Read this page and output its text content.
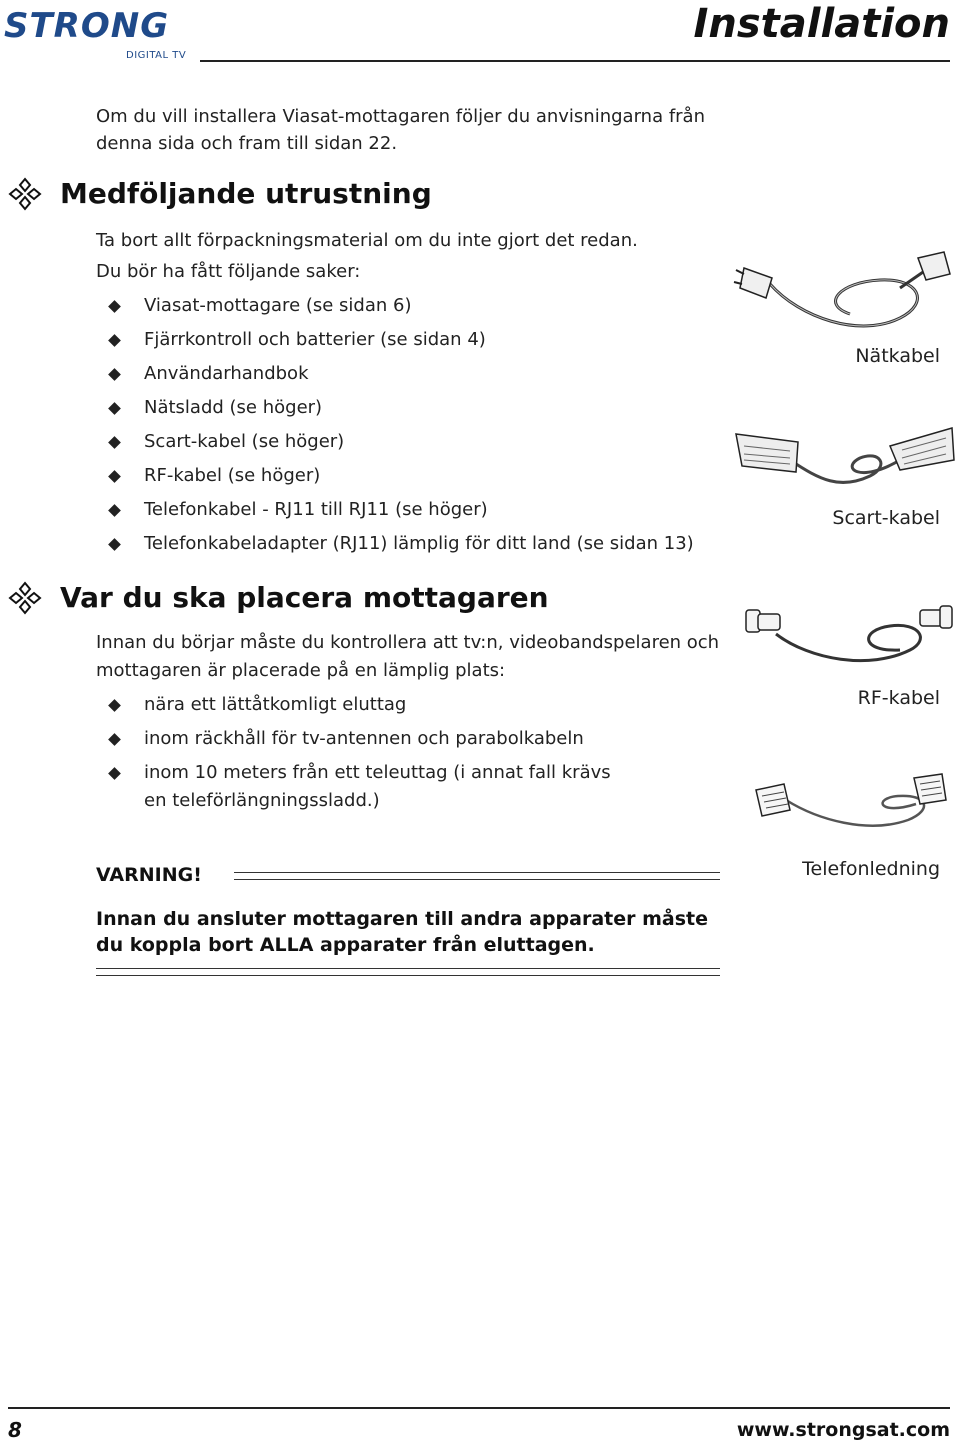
STRONG
DIGITAL TV
Installation
Om du vill installera Viasat-mottagaren följer du anvisningarna från denna sida och fram till sidan 22.
Medföljande utrustning
Ta bort allt förpackningsmaterial om du inte gjort det redan.
Du bör ha fått följande saker:
Viasat-mottagare (se sidan 6)
Fjärrkontroll och batterier (se sidan 4)
Användarhandbok
Nätsladd (se höger)
Scart-kabel (se höger)
RF-kabel (se höger)
Telefonkabel - RJ11 till RJ11 (se höger)
Telefonkabeladapter (RJ11) lämplig för ditt land (se sidan 13)
Var du ska placera mottagaren
Innan du börjar måste du kontrollera att tv:n, videobandspelaren och mottagaren är placerade på en lämplig plats:
nära ett lättåtkomligt eluttag
inom räckhåll för tv-antennen och parabolkabeln
inom 10 meters från ett teleuttag (i annat fall krävs en teleförlängningssladd.)
VARNING!
Innan du ansluter mottagaren till andra apparater måste du koppla bort ALLA apparater från eluttagen.
Nätkabel
Scart-kabel
RF-kabel
Telefonledning
8	www.strongsat.com
